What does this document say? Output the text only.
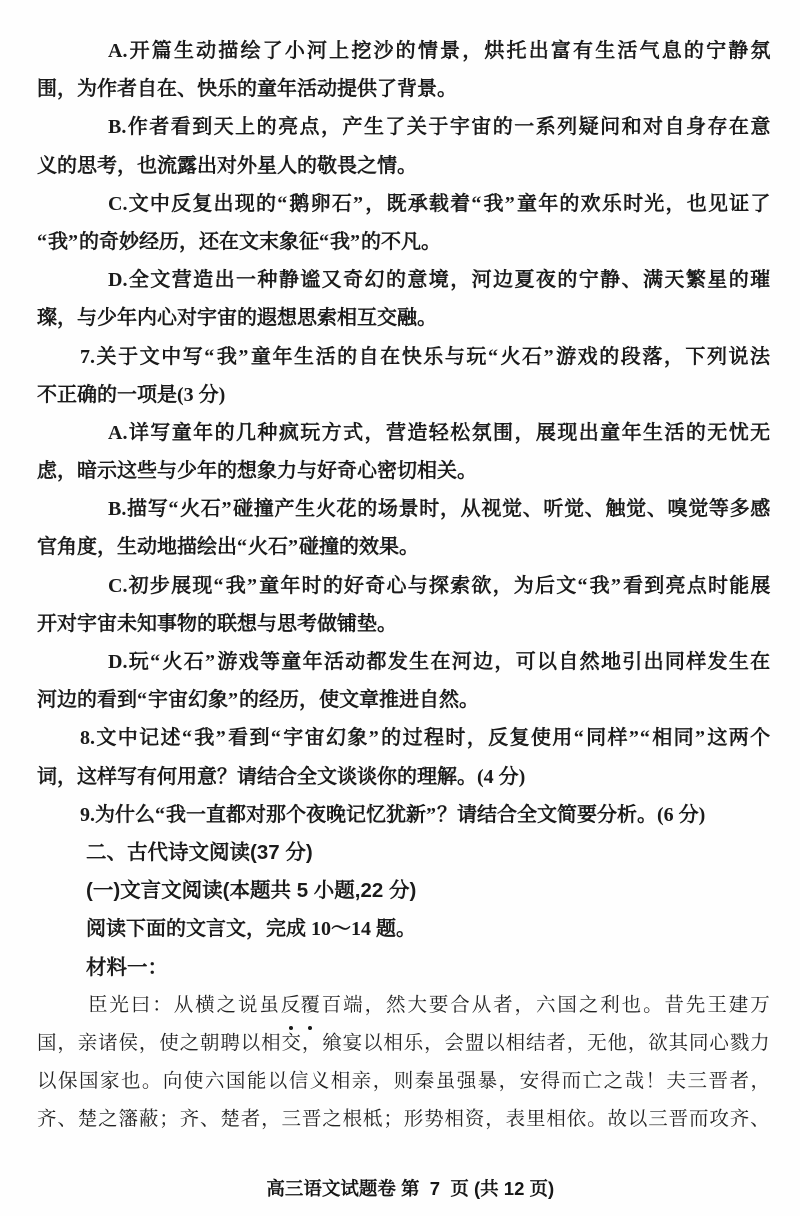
A.开篇生动描绘了小河上挖沙的情景，烘托出富有生活气息的宁静氛
围，为作者自在、快乐的童年活动提供了背景。
B.作者看到天上的亮点，产生了关于宇宙的一系列疑问和对自身存在意
义的思考，也流露出对外星人的敬畏之情。
C.文中反复出现的“鹅卵石”，既承载着“我”童年的欢乐时光，也见证了
“我”的奇妙经历，还在文末象征“我”的不凡。
D.全文营造出一种静谧又奇幻的意境，河边夏夜的宁静、满天繁星的璀
璨，与少年内心对宇宙的遐想思索相互交融。
7.关于文中写“我”童年生活的自在快乐与玩“火石”游戏的段落，下列说法
不正确的一项是(3 分)
A.详写童年的几种疯玩方式，营造轻松氛围，展现出童年生活的无忧无
虑，暗示这些与少年的想象力与好奇心密切相关。
B.描写“火石”碰撞产生火花的场景时，从视觉、听觉、触觉、嗅觉等多感
官角度，生动地描绘出“火石”碰撞的效果。
C.初步展现“我”童年时的好奇心与探索欲，为后文“我”看到亮点时能展
开对宇宙未知事物的联想与思考做铺垫。
D.玩“火石”游戏等童年活动都发生在河边，可以自然地引出同样发生在
河边的看到“宇宙幻象”的经历，使文章推进自然。
8.文中记述“我”看到“宇宙幻象”的过程时，反复使用“同样”“相同”这两个
词，这样写有何用意？请结合全文谈谈你的理解。(4 分)
9.为什么“我一直都对那个夜晚记忆犹新”？请结合全文简要分析。(6 分)
二、古代诗文阅读(37 分)
(一)文言文阅读(本题共 5 小题,22 分)
阅读下面的文言文，完成 10～14 题。
材料一：
臣光曰：从横之说虽反覆百端，然大要合从者，六国之利也。昔先王建万
国，亲诸侯，使之朝聘以相交，飨宴以相乐，会盟以相结者，无他，欲其同心戮力
以保国家也。向使六国能以信义相亲，则秦虽强暴，安得而亡之哉！夫三晋者，
齐、楚之籓蔽；齐、楚者，三晋之根柢；形势相资，表里相依。故以三晋而攻齐、

高三语文试题卷 第  7  页 (共 12 页)
